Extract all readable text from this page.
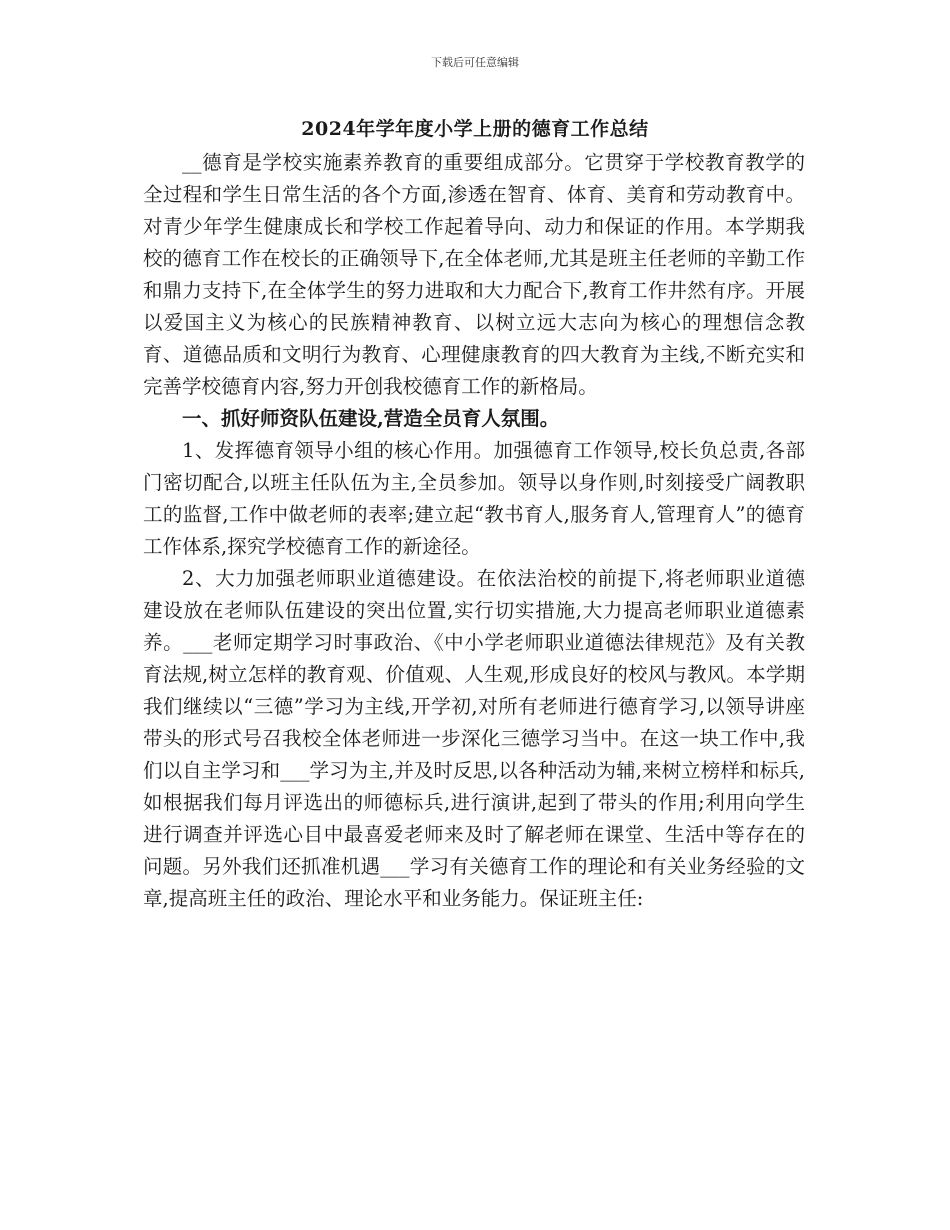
下载后可任意编辑
2024年学年度小学上册的德育工作总结

__德育是学校实施素养教育的重要组成部分。它贯穿于学校教育教学的全过程和学生日常生活的各个方面,渗透在智育、体育、美育和劳动教育中。对青少年学生健康成长和学校工作起着导向、动力和保证的作用。本学期我校的德育工作在校长的正确领导下,在全体老师,尤其是班主任老师的辛勤工作和鼎力支持下,在全体学生的努力进取和大力配合下,教育工作井然有序。开展以爱国主义为核心的民族精神教育、以树立远大志向为核心的理想信念教育、道德品质和文明行为教育、心理健康教育的四大教育为主线,不断充实和完善学校德育内容,努力开创我校德育工作的新格局。

一、抓好师资队伍建设,营造全员育人氛围。

1、发挥德育领导小组的核心作用。加强德育工作领导,校长负总责,各部门密切配合,以班主任队伍为主,全员参加。领导以身作则,时刻接受广阔教职工的监督,工作中做老师的表率;建立起“教书育人,服务育人,管理育人”的德育工作体系,探究学校德育工作的新途径。

2、大力加强老师职业道德建设。在依法治校的前提下,将老师职业道德建设放在老师队伍建设的突出位置,实行切实措施,大力提高老师职业道德素养。___老师定期学习时事政治、《中小学老师职业道德法律规范》及有关教育法规,树立怎样的教育观、价值观、人生观,形成良好的校风与教风。本学期我们继续以“三德”学习为主线,开学初,对所有老师进行德育学习,以领导讲座带头的形式号召我校全体老师进一步深化三德学习当中。在这一块工作中,我们以自主学习和___学习为主,并及时反思,以各种活动为辅,来树立榜样和标兵,如根据我们每月评选出的师德标兵,进行演讲,起到了带头的作用;利用向学生进行调查并评选心目中最喜爱老师来及时了解老师在课堂、生活中等存在的问题。另外我们还抓准机遇___学习有关德育工作的理论和有关业务经验的文章,提高班主任的政治、理论水平和业务能力。保证班主任:
